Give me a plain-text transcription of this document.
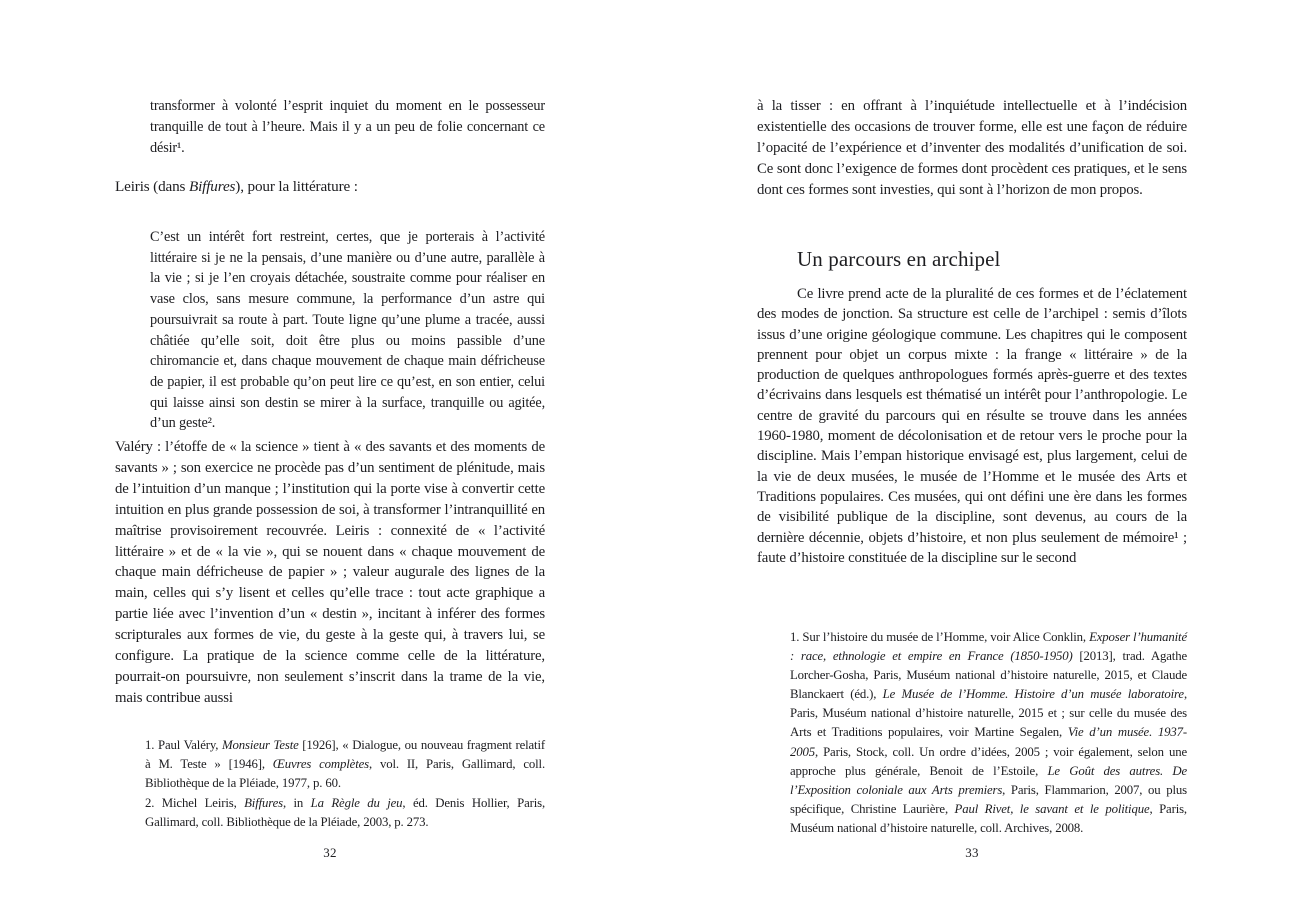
transformer à volonté l’esprit inquiet du moment en le possesseur tranquille de tout à l’heure. Mais il y a un peu de folie concernant ce désir¹.
Leiris (dans Biffures), pour la littérature :
C’est un intérêt fort restreint, certes, que je porterais à l’activité littéraire si je ne la pensais, d’une manière ou d’une autre, parallèle à la vie ; si je l’en croyais détachée, soustraite comme pour réaliser en vase clos, sans mesure commune, la performance d’un astre qui poursuivrait sa route à part. Toute ligne qu’une plume a tracée, aussi châtiée qu’elle soit, doit être plus ou moins passible d’une chiromancie et, dans chaque mouvement de chaque main défricheuse de papier, il est probable qu’on peut lire ce qu’est, en son entier, celui qui laisse ainsi son destin se mirer à la surface, tranquille ou agitée, d’un geste².
Valéry : l’étoffe de « la science » tient à « des savants et des moments de savants » ; son exercice ne procède pas d’un sentiment de plénitude, mais de l’intuition d’un manque ; l’institution qui la porte vise à convertir cette intuition en plus grande possession de soi, à transformer l’intranquillité en maîtrise provisoirement recouvrée. Leiris : connexité de « l’activité littéraire » et de « la vie », qui se nouent dans « chaque mouvement de chaque main défricheuse de papier » ; valeur augurale des lignes de la main, celles qui s’y lisent et celles qu’elle trace : tout acte graphique a partie liée avec l’invention d’un « destin », incitant à inférer des formes scripturales aux formes de vie, du geste à la geste qui, à travers lui, se configure. La pratique de la science comme celle de la littérature, pourrait-on poursuivre, non seulement s’inscrit dans la trame de la vie, mais contribue aussi

1. Paul Valéry, Monsieur Teste [1926], « Dialogue, ou nouveau fragment relatif à M. Teste » [1946], Œuvres complètes, vol. II, Paris, Gallimard, coll. Bibliothèque de la Pléiade, 1977, p. 60.

2. Michel Leiris, Biffures, in La Règle du jeu, éd. Denis Hollier, Paris, Gallimard, coll. Bibliothèque de la Pléiade, 2003, p. 273.

32
à la tisser : en offrant à l’inquiétude intellectuelle et à l’indécision existentielle des occasions de trouver forme, elle est une façon de réduire l’opacité de l’expérience et d’inventer des modalités d’unification de soi. Ce sont donc l’exigence de formes dont procèdent ces pratiques, et le sens dont ces formes sont investies, qui sont à l’horizon de mon propos.
Un parcours en archipel
Ce livre prend acte de la pluralité de ces formes et de l’éclatement des modes de jonction. Sa structure est celle de l’archipel : semis d’îlots issus d’une origine géologique commune. Les chapitres qui le composent prennent pour objet un corpus mixte : la frange « littéraire » de la production de quelques anthropologues formés après-guerre et des textes d’écrivains dans lesquels est thématisé un intérêt pour l’anthropologie. Le centre de gravité du parcours qui en résulte se trouve dans les années 1960-1980, moment de décolonisation et de retour vers le proche pour la discipline. Mais l’empan historique envisagé est, plus largement, celui de la vie de deux musées, le musée de l’Homme et le musée des Arts et Traditions populaires. Ces musées, qui ont défini une ère dans les formes de visibilité publique de la discipline, sont devenus, au cours de la dernière décennie, objets d’histoire, et non plus seulement de mémoire¹ ; faute d’histoire constituée de la discipline sur le second
1. Sur l’histoire du musée de l’Homme, voir Alice Conklin, Exposer l’humanité : race, ethnologie et empire en France (1850-1950) [2013], trad. Agathe Lorcher-Gosha, Paris, Muséum national d’histoire naturelle, 2015, et Claude Blanckaert (éd.), Le Musée de l’Homme. Histoire d’un musée laboratoire, Paris, Muséum national d’histoire naturelle, 2015 et ; sur celle du musée des Arts et Traditions populaires, voir Martine Segalen, Vie d’un musée. 1937-2005, Paris, Stock, coll. Un ordre d’idées, 2005 ; voir également, selon une approche plus générale, Benoit de l’Estoile, Le Goût des autres. De l’Exposition coloniale aux Arts premiers, Paris, Flammarion, 2007, ou plus spécifique, Christine Laurière, Paul Rivet, le savant et le politique, Paris, Muséum national d’histoire naturelle, coll. Archives, 2008.
33
